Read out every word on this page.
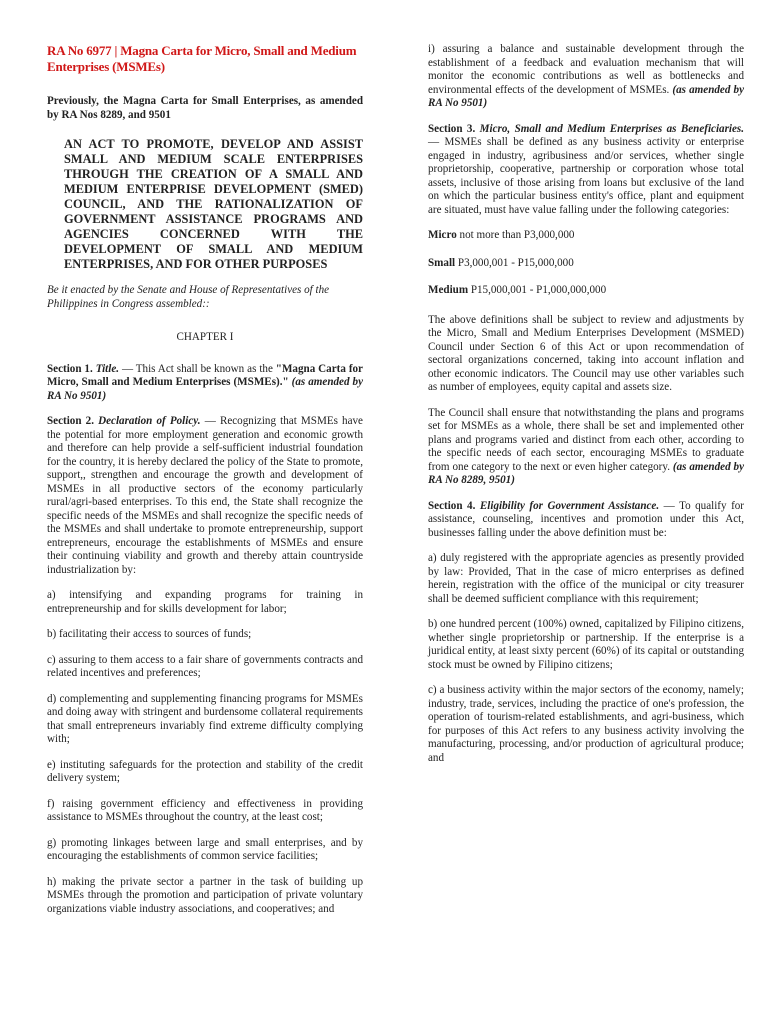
RA No 6977 | Magna Carta for Micro, Small and Medium Enterprises (MSMEs)

Previously, the Magna Carta for Small Enterprises, as amended by RA Nos 8289, and 9501

AN ACT TO PROMOTE, DEVELOP AND ASSIST SMALL AND MEDIUM SCALE ENTERPRISES THROUGH THE CREATION OF A SMALL AND MEDIUM ENTERPRISE DEVELOPMENT (SMED) COUNCIL, AND THE RATIONALIZATION OF GOVERNMENT ASSISTANCE PROGRAMS AND AGENCIES CONCERNED WITH THE DEVELOPMENT OF SMALL AND MEDIUM ENTERPRISES, AND FOR OTHER PURPOSES

Be it enacted by the Senate and House of Representatives of the Philippines in Congress assembled::

CHAPTER I

Section 1. Title. — This Act shall be known as the "Magna Carta for Micro, Small and Medium Enterprises (MSMEs)." (as amended by RA No 9501)

Section 2. Declaration of Policy. — Recognizing that MSMEs have the potential for more employment generation and economic growth and therefore can help provide a self-sufficient industrial foundation for the country, it is hereby declared the policy of the State to promote, support,, strengthen and encourage the growth and development of MSMEs in all productive sectors of the economy particularly rural/agri-based enterprises. To this end, the State shall recognize the specific needs of the MSMEs and shall recognize the specific needs of the MSMEs and shall undertake to promote entrepreneurship, support entrepreneurs, encourage the establishments of MSMEs and ensure their continuing viability and growth and thereby attain countryside industrialization by:

a) intensifying and expanding programs for training in entrepreneurship and for skills development for labor;

b) facilitating their access to sources of funds;

c) assuring to them access to a fair share of governments contracts and related incentives and preferences;

d) complementing and supplementing financing programs for MSMEs and doing away with stringent and burdensome collateral requirements that small entrepreneurs invariably find extreme difficulty complying with;

e) instituting safeguards for the protection and stability of the credit delivery system;

f) raising government efficiency and effectiveness in providing assistance to MSMEs throughout the country, at the least cost;

g) promoting linkages between large and small enterprises, and by encouraging the establishments of common service facilities;

h) making the private sector a partner in the task of building up MSMEs through the promotion and participation of private voluntary organizations viable industry associations, and cooperatives; and

i) assuring a balance and sustainable development through the establishment of a feedback and evaluation mechanism that will monitor the economic contributions as well as bottlenecks and environmental effects of the development of MSMEs. (as amended by RA No 9501)

Section 3. Micro, Small and Medium Enterprises as Beneficiaries. — MSMEs shall be defined as any business activity or enterprise engaged in industry, agribusiness and/or services, whether single proprietorship, cooperative, partnership or corporation whose total assets, inclusive of those arising from loans but exclusive of the land on which the particular business entity's office, plant and equipment are situated, must have value falling under the following categories:

Micro not more than P3,000,000

Small P3,000,001 - P15,000,000

Medium P15,000,001 - P1,000,000,000

The above definitions shall be subject to review and adjustments by the Micro, Small and Medium Enterprises Development (MSMED) Council under Section 6 of this Act or upon recommendation of sectoral organizations concerned, taking into account inflation and other economic indicators. The Council may use other variables such as number of employees, equity capital and assets size.

The Council shall ensure that notwithstanding the plans and programs set for MSMEs as a whole, there shall be set and implemented other plans and programs varied and distinct from each other, according to the specific needs of each sector, encouraging MSMEs to graduate from one category to the next or even higher category. (as amended by RA No 8289, 9501)

Section 4. Eligibility for Government Assistance. — To qualify for assistance, counseling, incentives and promotion under this Act, businesses falling under the above definition must be:

a) duly registered with the appropriate agencies as presently provided by law: Provided, That in the case of micro enterprises as defined herein, registration with the office of the municipal or city treasurer shall be deemed sufficient compliance with this requirement;

b) one hundred percent (100%) owned, capitalized by Filipino citizens, whether single proprietorship or partnership. If the enterprise is a juridical entity, at least sixty percent (60%) of its capital or outstanding stock must be owned by Filipino citizens;

c) a business activity within the major sectors of the economy, namely; industry, trade, services, including the practice of one's profession, the operation of tourism-related establishments, and agri-business, which for purposes of this Act refers to any business activity involving the manufacturing, processing, and/or production of agricultural produce; and
